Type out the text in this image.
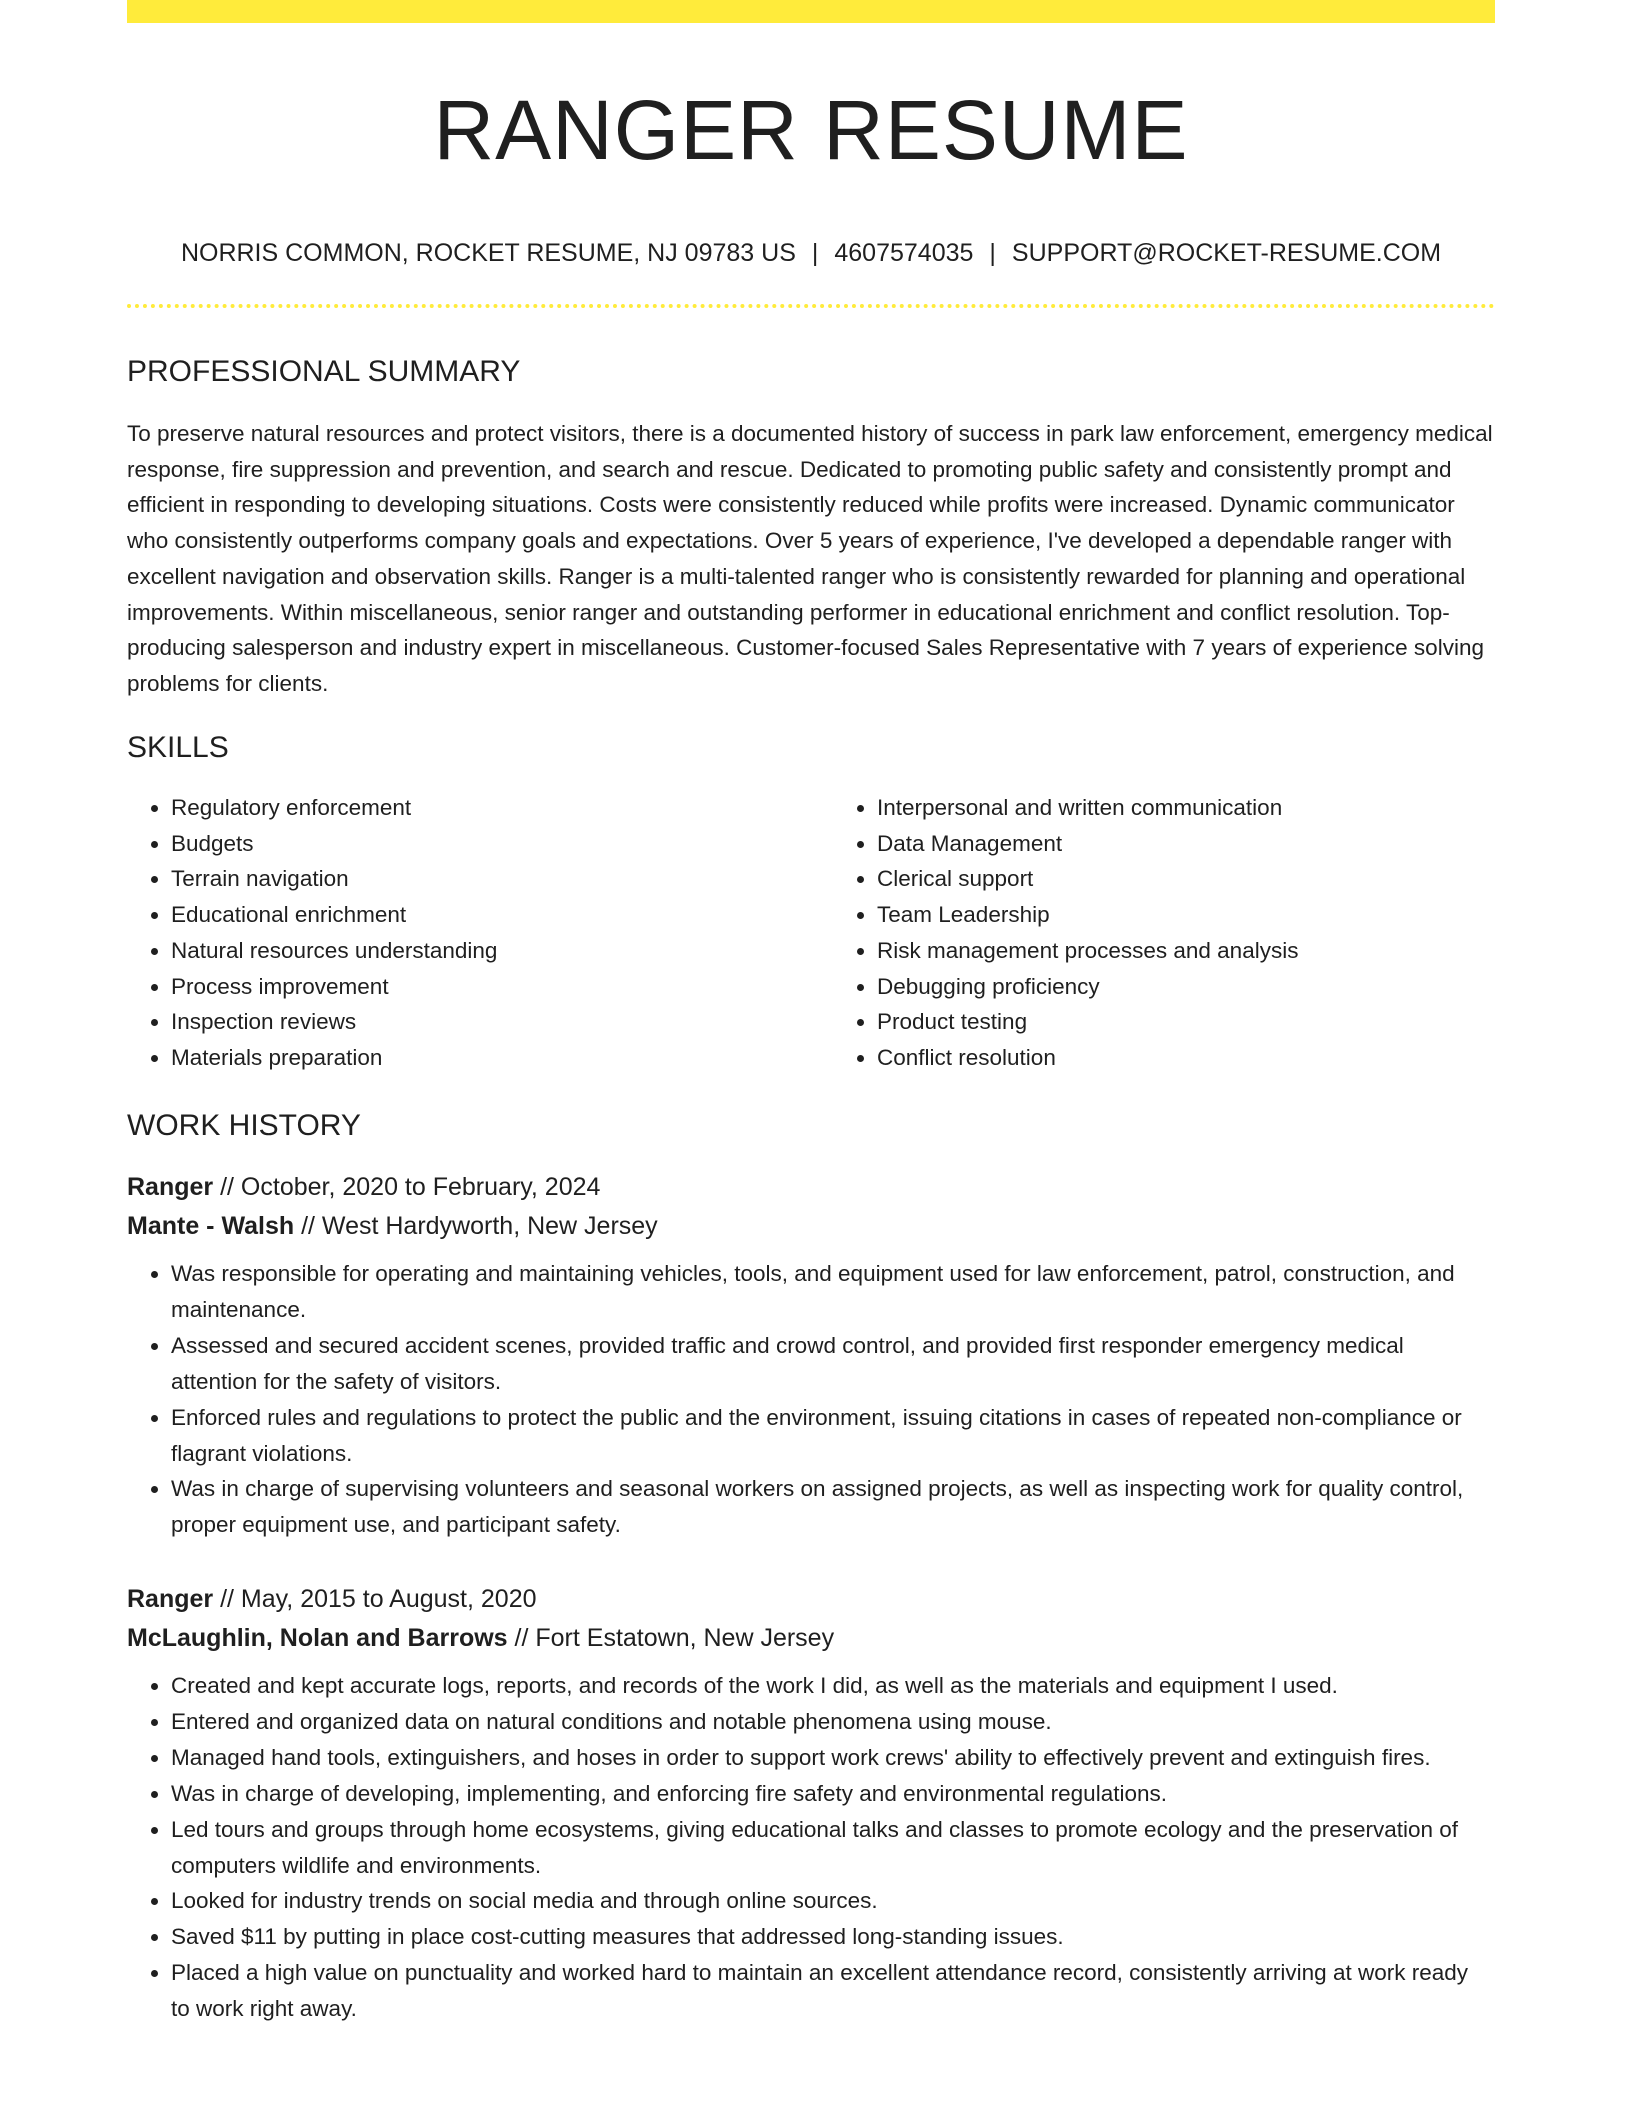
RANGER RESUME
NORRIS COMMON, ROCKET RESUME, NJ 09783 US | 4607574035 | SUPPORT@ROCKET-RESUME.COM
PROFESSIONAL SUMMARY

To preserve natural resources and protect visitors, there is a documented history of success in park law enforcement, emergency medical response, fire suppression and prevention, and search and rescue. Dedicated to promoting public safety and consistently prompt and efficient in responding to developing situations. Costs were consistently reduced while profits were increased. Dynamic communicator who consistently outperforms company goals and expectations. Over 5 years of experience, I've developed a dependable ranger with excellent navigation and observation skills. Ranger is a multi-talented ranger who is consistently rewarded for planning and operational improvements. Within miscellaneous, senior ranger and outstanding performer in educational enrichment and conflict resolution. Top-producing salesperson and industry expert in miscellaneous. Customer-focused Sales Representative with 7 years of experience solving problems for clients.

SKILLS
• Regulatory enforcement
• Budgets
• Terrain navigation
• Educational enrichment
• Natural resources understanding
• Process improvement
• Inspection reviews
• Materials preparation
• Interpersonal and written communication
• Data Management
• Clerical support
• Team Leadership
• Risk management processes and analysis
• Debugging proficiency
• Product testing
• Conflict resolution
WORK HISTORY
Ranger // October, 2020 to February, 2024
Mante - Walsh // West Hardyworth, New Jersey
• Was responsible for operating and maintaining vehicles, tools, and equipment used for law enforcement, patrol, construction, and maintenance.
• Assessed and secured accident scenes, provided traffic and crowd control, and provided first responder emergency medical attention for the safety of visitors.
• Enforced rules and regulations to protect the public and the environment, issuing citations in cases of repeated non-compliance or flagrant violations.
• Was in charge of supervising volunteers and seasonal workers on assigned projects, as well as inspecting work for quality control, proper equipment use, and participant safety.
Ranger // May, 2015 to August, 2020
McLaughlin, Nolan and Barrows // Fort Estatown, New Jersey
• Created and kept accurate logs, reports, and records of the work I did, as well as the materials and equipment I used.
• Entered and organized data on natural conditions and notable phenomena using mouse.
• Managed hand tools, extinguishers, and hoses in order to support work crews' ability to effectively prevent and extinguish fires.
• Was in charge of developing, implementing, and enforcing fire safety and environmental regulations.
• Led tours and groups through home ecosystems, giving educational talks and classes to promote ecology and the preservation of computers wildlife and environments.
• Looked for industry trends on social media and through online sources.
• Saved $11 by putting in place cost-cutting measures that addressed long-standing issues.
• Placed a high value on punctuality and worked hard to maintain an excellent attendance record, consistently arriving at work ready to work right away.
